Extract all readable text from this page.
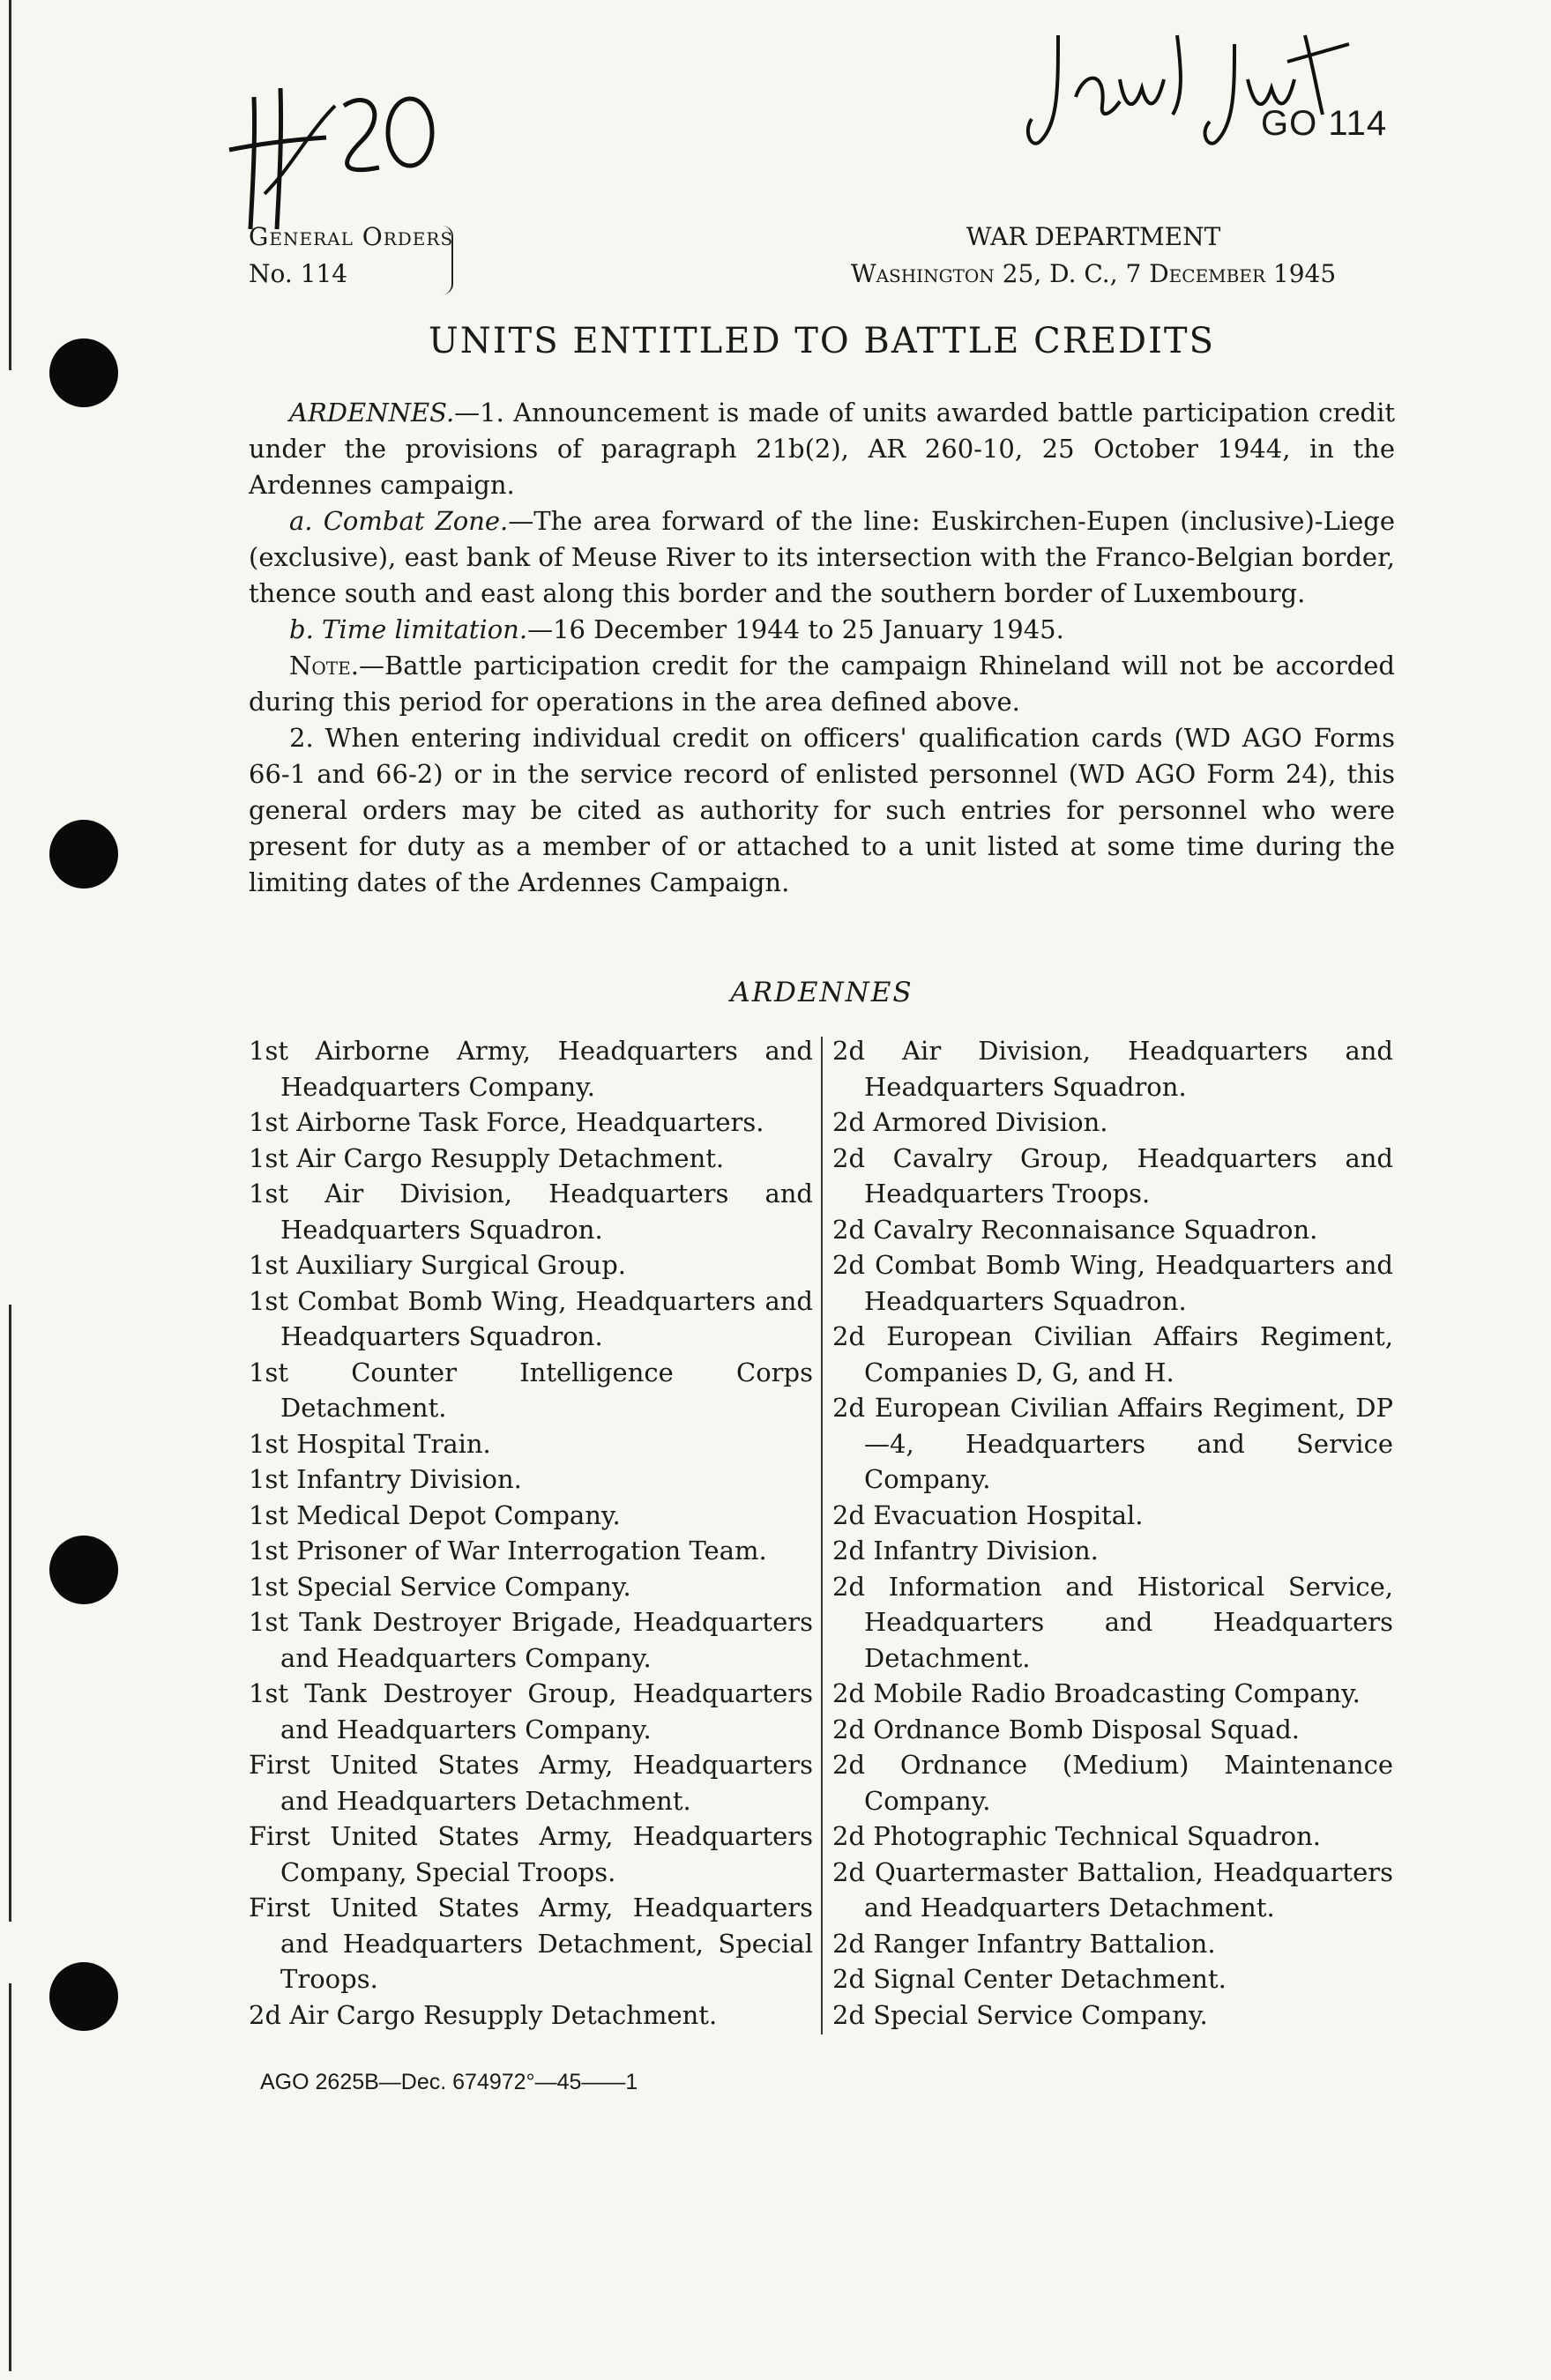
GO 114
General Orders
No. 114
WAR DEPARTMENT
Washington 25, D. C., 7 December 1945
UNITS ENTITLED TO BATTLE CREDITS

ARDENNES.—1. Announcement is made of units awarded battle participation credit under the provisions of paragraph 21b(2), AR 260-10, 25 October 1944, in the Ardennes campaign.

a. Combat Zone.—The area forward of the line: Euskirchen-Eupen (inclusive)-Liege (exclusive), east bank of Meuse River to its intersection with the Franco-Belgian border, thence south and east along this border and the southern border of Luxembourg.

b. Time limitation.—16 December 1944 to 25 January 1945.

Note.—Battle participation credit for the campaign Rhineland will not be accorded during this period for operations in the area defined above.

2. When entering individual credit on officers' qualification cards (WD AGO Forms 66-1 and 66-2) or in the service record of enlisted personnel (WD AGO Form 24), this general orders may be cited as authority for such entries for personnel who were present for duty as a member of or attached to a unit listed at some time during the limiting dates of the Ardennes Campaign.

ARDENNES
1st Airborne Army, Headquarters and Headquarters Company.
1st Airborne Task Force, Headquarters.
1st Air Cargo Resupply Detachment.
1st Air Division, Headquarters and Headquarters Squadron.
1st Auxiliary Surgical Group.
1st Combat Bomb Wing, Headquarters and Headquarters Squadron.
1st Counter Intelligence Corps Detachment.
1st Hospital Train.
1st Infantry Division.
1st Medical Depot Company.
1st Prisoner of War Interrogation Team.
1st Special Service Company.
1st Tank Destroyer Brigade, Headquarters and Headquarters Company.
1st Tank Destroyer Group, Headquarters and Headquarters Company.
First United States Army, Headquarters and Headquarters Detachment.
First United States Army, Headquarters Company, Special Troops.
First United States Army, Headquarters and Headquarters Detachment, Special Troops.
2d Air Cargo Resupply Detachment.
2d Air Division, Headquarters and Headquarters Squadron.
2d Armored Division.
2d Cavalry Group, Headquarters and Headquarters Troops.
2d Cavalry Reconnaisance Squadron.
2d Combat Bomb Wing, Headquarters and Headquarters Squadron.
2d European Civilian Affairs Regiment, Companies D, G, and H.
2d European Civilian Affairs Regiment, DP—4, Headquarters and Service Company.
2d Evacuation Hospital.
2d Infantry Division.
2d Information and Historical Service, Headquarters and Headquarters Detachment.
2d Mobile Radio Broadcasting Company.
2d Ordnance Bomb Disposal Squad.
2d Ordnance (Medium) Maintenance Company.
2d Photographic Technical Squadron.
2d Quartermaster Battalion, Headquarters and Headquarters Detachment.
2d Ranger Infantry Battalion.
2d Signal Center Detachment.
2d Special Service Company.
AGO 2625B—Dec. 674972°—45——1
